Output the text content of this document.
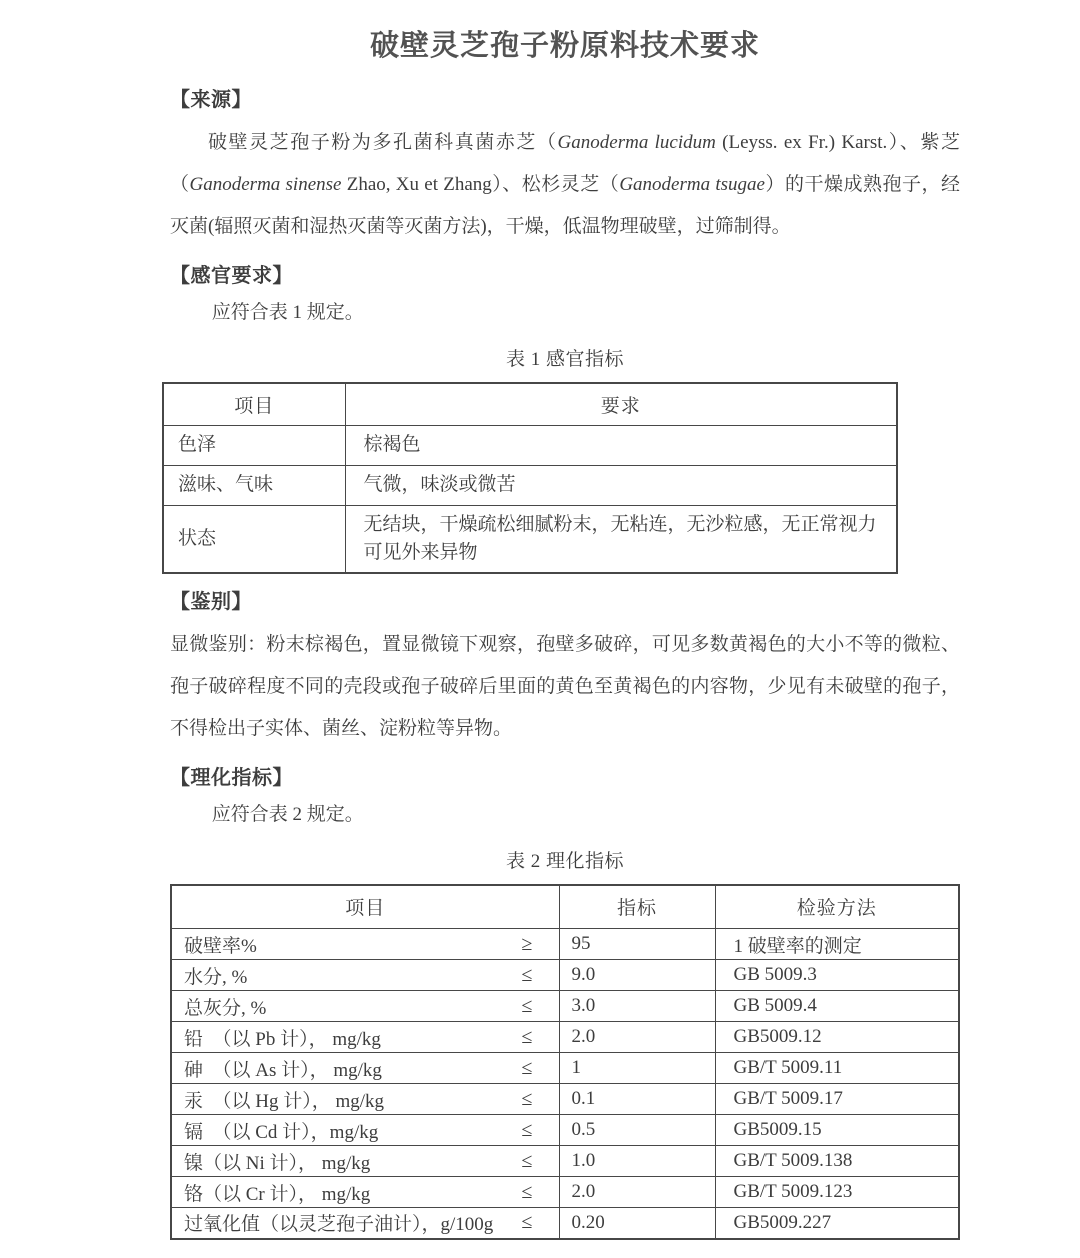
破壁灵芝孢子粉原料技术要求
【来源】

破壁灵芝孢子粉为多孔菌科真菌赤芝（Ganoderma lucidum (Leyss. ex Fr.) Karst.）、紫芝（Ganoderma sinense Zhao, Xu et Zhang）、松杉灵芝（Ganoderma tsugae）的干燥成熟孢子，经灭菌(辐照灭菌和湿热灭菌等灭菌方法)，干燥，低温物理破壁，过筛制得。

【感官要求】

应符合表 1 规定。

表 1 感官指标
项目	要求
色泽	棕褐色
滋味、气味	气微，味淡或微苦
状态	无结块，干燥疏松细腻粉末，无粘连，无沙粒感，无正常视力可见外来异物
【鉴别】

显微鉴别：粉末棕褐色，置显微镜下观察，孢壁多破碎，可见多数黄褐色的大小不等的微粒、孢子破碎程度不同的壳段或孢子破碎后里面的黄色至黄褐色的内容物，少见有未破壁的孢子，不得检出子实体、菌丝、淀粉粒等异物。

【理化指标】

应符合表 2 规定。

表 2 理化指标
项目	指标	检验方法

破壁率% ≥	95	1 破壁率的测定

水分, % ≤	9.0	GB 5009.3

总灰分, % ≤	3.0	GB 5009.4

铅　（以 Pb 计）， mg/kg ≤	2.0	GB5009.12

砷　（以 As 计）， mg/kg ≤	1	GB/T 5009.11

汞　（以 Hg 计）， mg/kg ≤	0.1	GB/T 5009.17

镉　（以 Cd 计），mg/kg ≤	0.5	GB5009.15

镍（以 Ni 计）， mg/kg ≤	1.0	GB/T 5009.138

铬（以 Cr 计）， mg/kg ≤	2.0	GB/T 5009.123

过氧化值（以灵芝孢子油计），g/100g ≤	0.20	GB5009.227
